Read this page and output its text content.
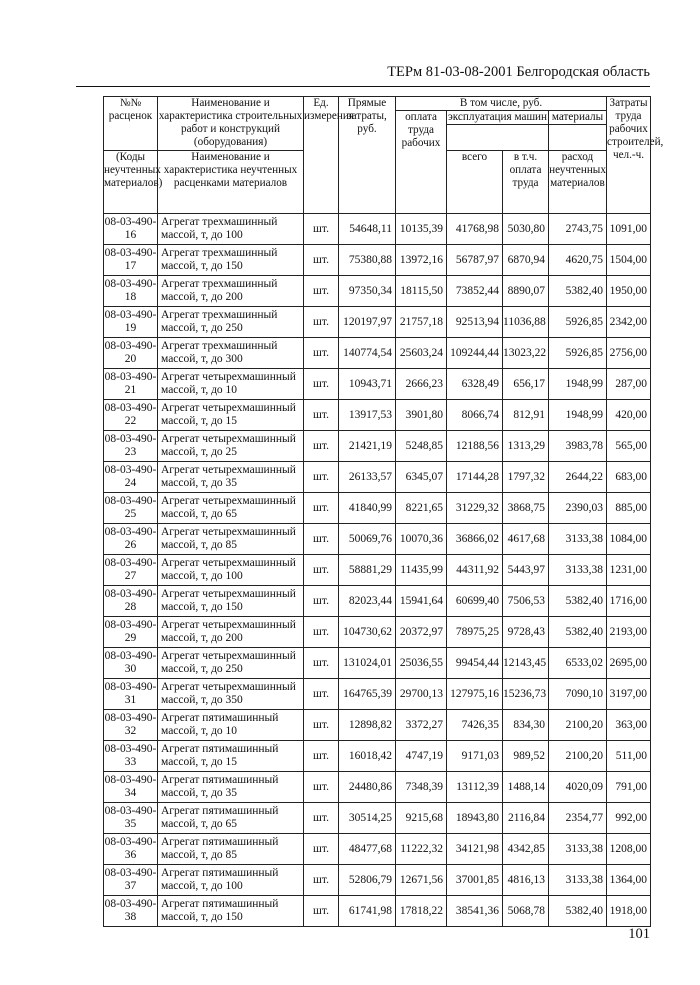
ТЕРм 81-03-08-2001 Белгородская область
№№ расценок	Наименование и характеристика строительных работ и конструкций (оборудования)	Ед. измерения	Прямые затраты, руб.	В том числе, руб.				Затраты труда рабочих строителей, чел.-ч.
				оплата труда рабочих	эксплуатация машин		материалы	

(Коды неучтенных материалов)	Наименование и характеристика неучтенных расценками материалов				всего	в т.ч. оплата труда	расход неучтенных материалов	
08-03-490-16	Агрегат трехмашинный массой, т, до 100	шт.	54648,11	10135,39	41768,98	5030,80	2743,75	1091,00
08-03-490-17	Агрегат трехмашинный массой, т, до 150	шт.	75380,88	13972,16	56787,97	6870,94	4620,75	1504,00
08-03-490-18	Агрегат трехмашинный массой, т, до 200	шт.	97350,34	18115,50	73852,44	8890,07	5382,40	1950,00
08-03-490-19	Агрегат трехмашинный массой, т, до 250	шт.	120197,97	21757,18	92513,94	11036,88	5926,85	2342,00
08-03-490-20	Агрегат трехмашинный массой, т, до 300	шт.	140774,54	25603,24	109244,44	13023,22	5926,85	2756,00
08-03-490-21	Агрегат четырехмашинный массой, т, до 10	шт.	10943,71	2666,23	6328,49	656,17	1948,99	287,00
08-03-490-22	Агрегат четырехмашинный массой, т, до 15	шт.	13917,53	3901,80	8066,74	812,91	1948,99	420,00
08-03-490-23	Агрегат четырехмашинный массой, т, до 25	шт.	21421,19	5248,85	12188,56	1313,29	3983,78	565,00
08-03-490-24	Агрегат четырехмашинный массой, т, до 35	шт.	26133,57	6345,07	17144,28	1797,32	2644,22	683,00
08-03-490-25	Агрегат четырехмашинный массой, т, до 65	шт.	41840,99	8221,65	31229,32	3868,75	2390,03	885,00
08-03-490-26	Агрегат четырехмашинный массой, т, до 85	шт.	50069,76	10070,36	36866,02	4617,68	3133,38	1084,00
08-03-490-27	Агрегат четырехмашинный массой, т, до 100	шт.	58881,29	11435,99	44311,92	5443,97	3133,38	1231,00
08-03-490-28	Агрегат четырехмашинный массой, т, до 150	шт.	82023,44	15941,64	60699,40	7506,53	5382,40	1716,00
08-03-490-29	Агрегат четырехмашинный массой, т, до 200	шт.	104730,62	20372,97	78975,25	9728,43	5382,40	2193,00
08-03-490-30	Агрегат четырехмашинный массой, т, до 250	шт.	131024,01	25036,55	99454,44	12143,45	6533,02	2695,00
08-03-490-31	Агрегат четырехмашинный массой, т, до 350	шт.	164765,39	29700,13	127975,16	15236,73	7090,10	3197,00
08-03-490-32	Агрегат пятимашинный массой, т, до 10	шт.	12898,82	3372,27	7426,35	834,30	2100,20	363,00
08-03-490-33	Агрегат пятимашинный массой, т, до 15	шт.	16018,42	4747,19	9171,03	989,52	2100,20	511,00
08-03-490-34	Агрегат пятимашинный массой, т, до 35	шт.	24480,86	7348,39	13112,39	1488,14	4020,09	791,00
08-03-490-35	Агрегат пятимашинный массой, т, до 65	шт.	30514,25	9215,68	18943,80	2116,84	2354,77	992,00
08-03-490-36	Агрегат пятимашинный массой, т, до 85	шт.	48477,68	11222,32	34121,98	4342,85	3133,38	1208,00
08-03-490-37	Агрегат пятимашинный массой, т, до 100	шт.	52806,79	12671,56	37001,85	4816,13	3133,38	1364,00
08-03-490-38	Агрегат пятимашинный массой, т, до 150	шт.	61741,98	17818,22	38541,36	5068,78	5382,40	1918,00
101
